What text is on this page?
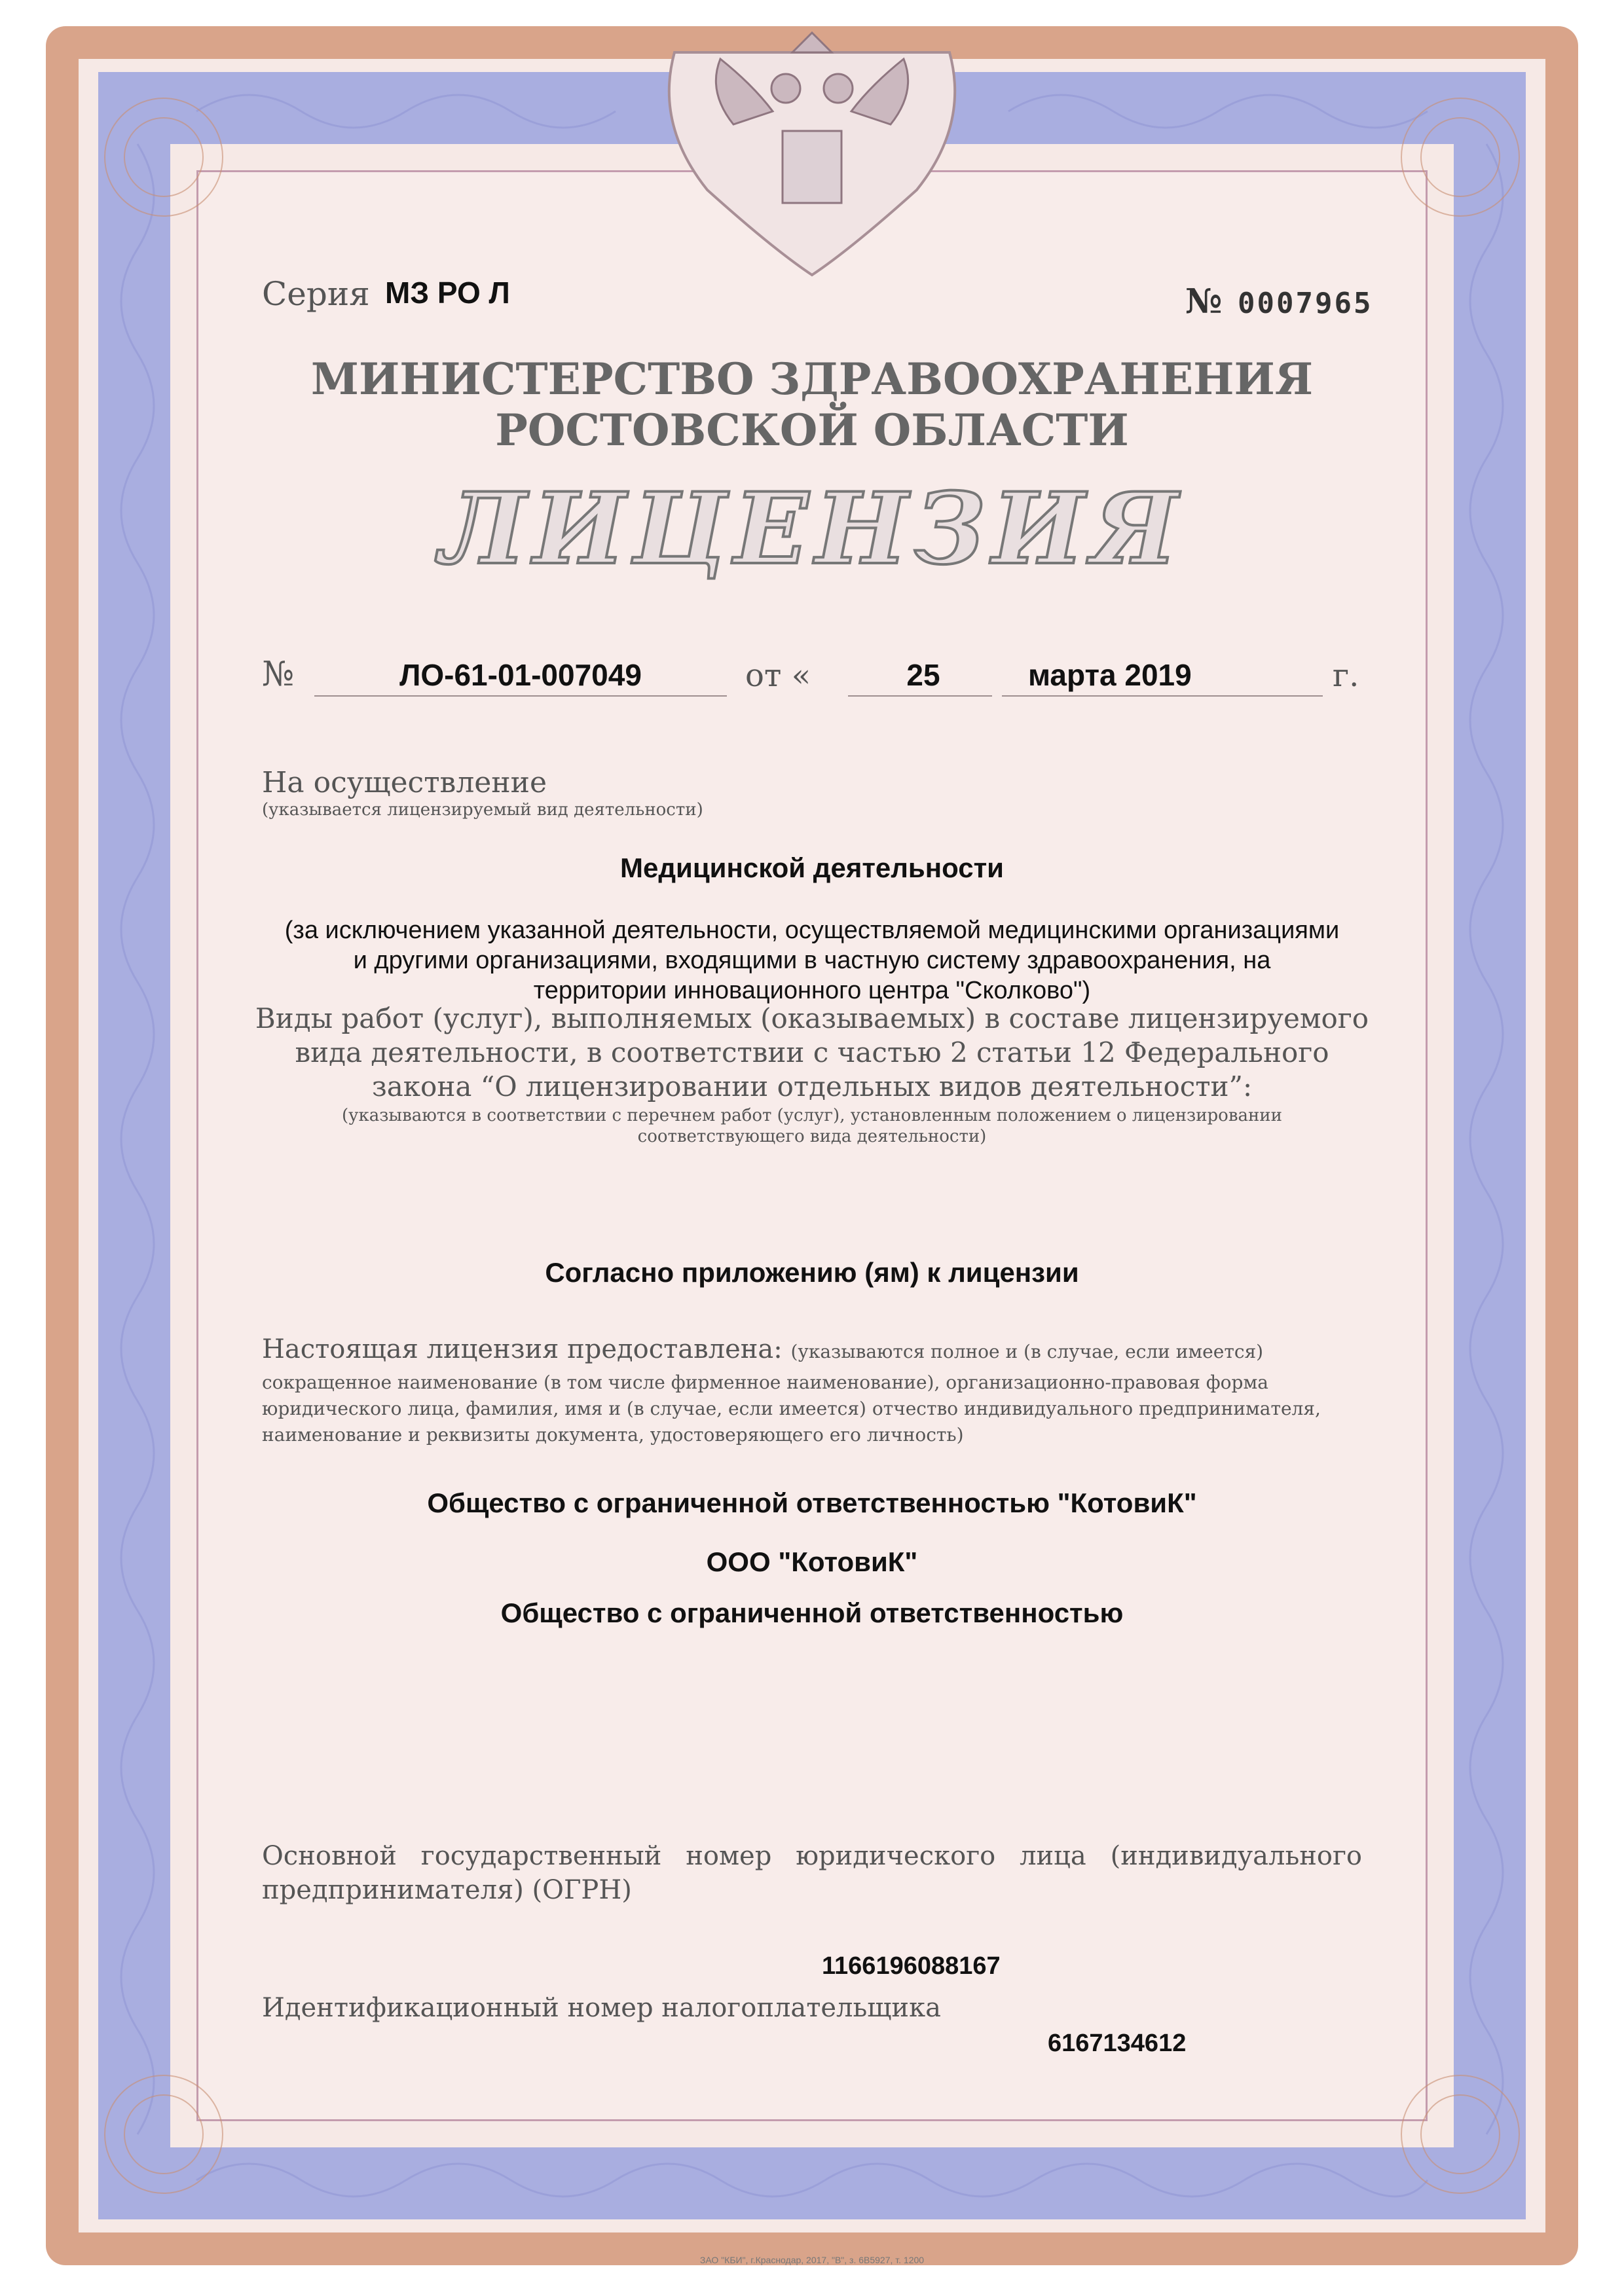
Серия МЗ РО Л	№ 0007965
МИНИСТЕРСТВО ЗДРАВООХРАНЕНИЯ
РОСТОВСКОЙ ОБЛАСТИ
ЛИЦЕНЗИЯ
№	ЛО-61-01-007049	от «	25	марта 2019	г.
На осуществление
(указывается лицензируемый вид деятельности)
Медицинской деятельности
(за исключением указанной деятельности, осуществляемой медицинскими организациями
и другими организациями, входящими в частную систему здравоохранения, на
территории инновационного центра "Сколково")
Виды работ (услуг), выполняемых (оказываемых) в составе лицензируемого
вида деятельности, в соответствии с частью 2 статьи 12 Федерального
закона “О лицензировании отдельных видов деятельности”:
(указываются в соответствии с перечнем работ (услуг), установленным положением о лицензировании
соответствующего вида деятельности)
Согласно приложению (ям) к лицензии
Настоящая лицензия предоставлена: (указываются полное и (в случае, если имеется)
сокращенное наименование (в том числе фирменное наименование), организационно-правовая форма
юридического лица, фамилия, имя и (в случае, если имеется) отчество индивидуального предпринимателя,
наименование и реквизиты документа, удостоверяющего его личность)
Общество с ограниченной ответственностью "КотовиК"
ООО "КотовиК"
Общество с ограниченной ответственностью
Основной государственный номер юридического лица (индивидуального
предпринимателя) (ОГРН)
1166196088167
Идентификационный номер налогоплательщика
6167134612
ЗАО "КБИ", г.Краснодар, 2017, "В", з. 6В5927, т. 1200
